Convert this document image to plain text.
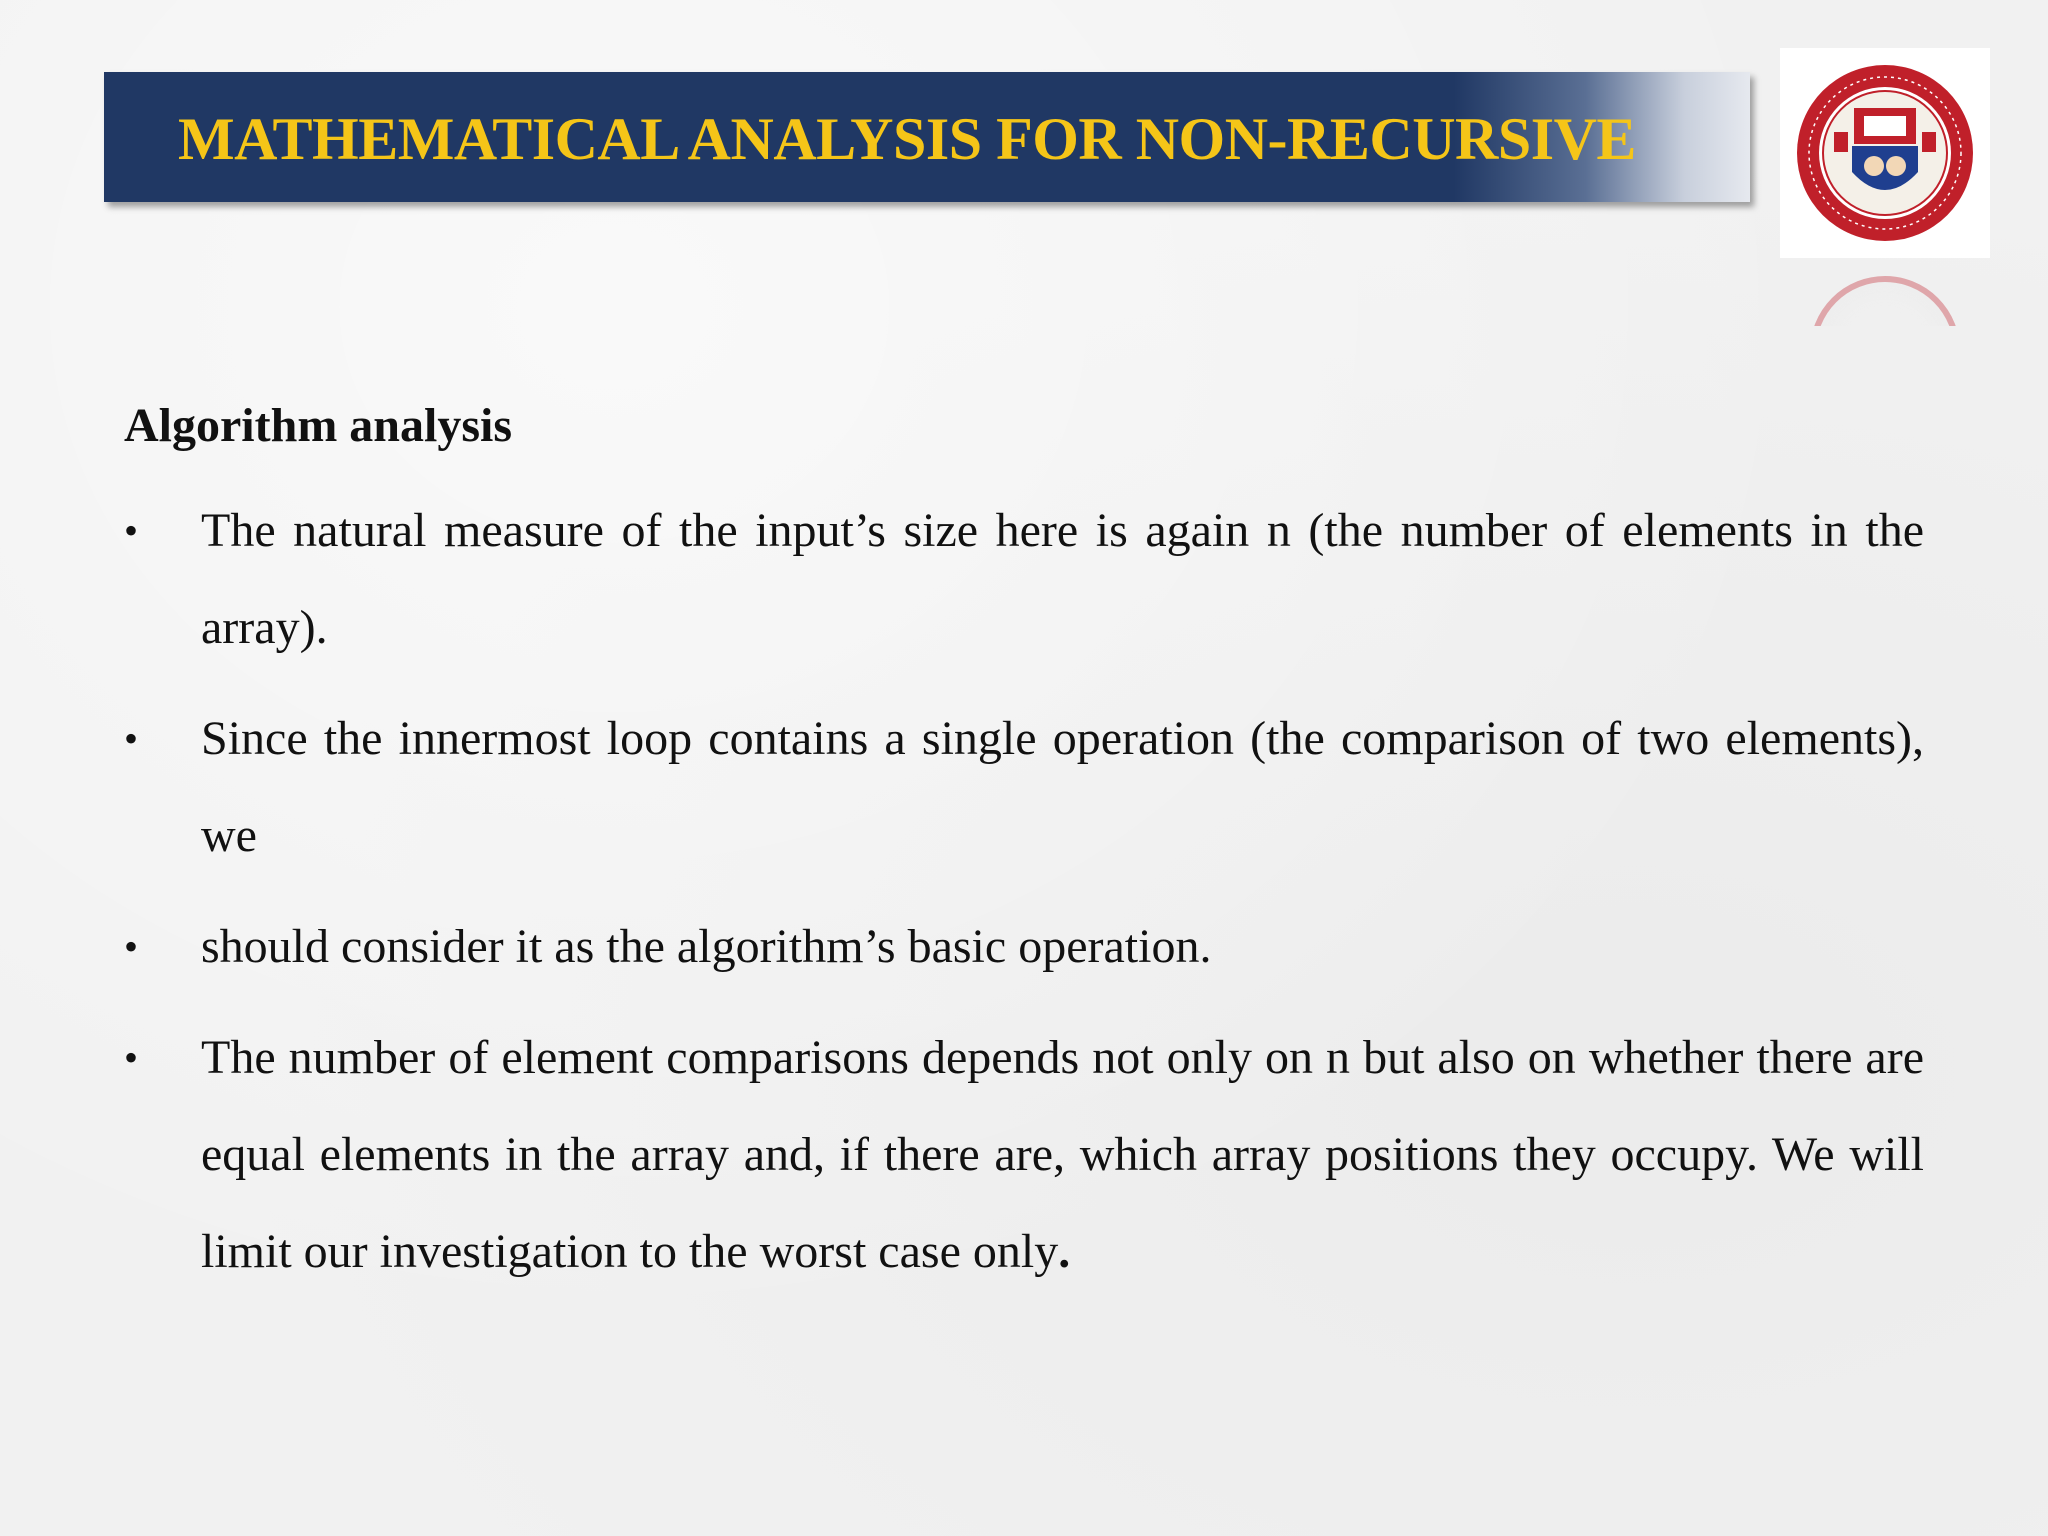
MATHEMATICAL ANALYSIS FOR NON-RECURSIVE
Algorithm analysis
• The natural measure of the input’s size here is again n (the number of elements in the array).
• Since the innermost loop contains a single operation (the comparison of two elements), we
• should consider it as the algorithm’s basic operation.
• The number of element comparisons depends not only on n but also on whether there are equal elements in the array and, if there are, which array positions they occupy. We will limit our investigation to the worst case only.
